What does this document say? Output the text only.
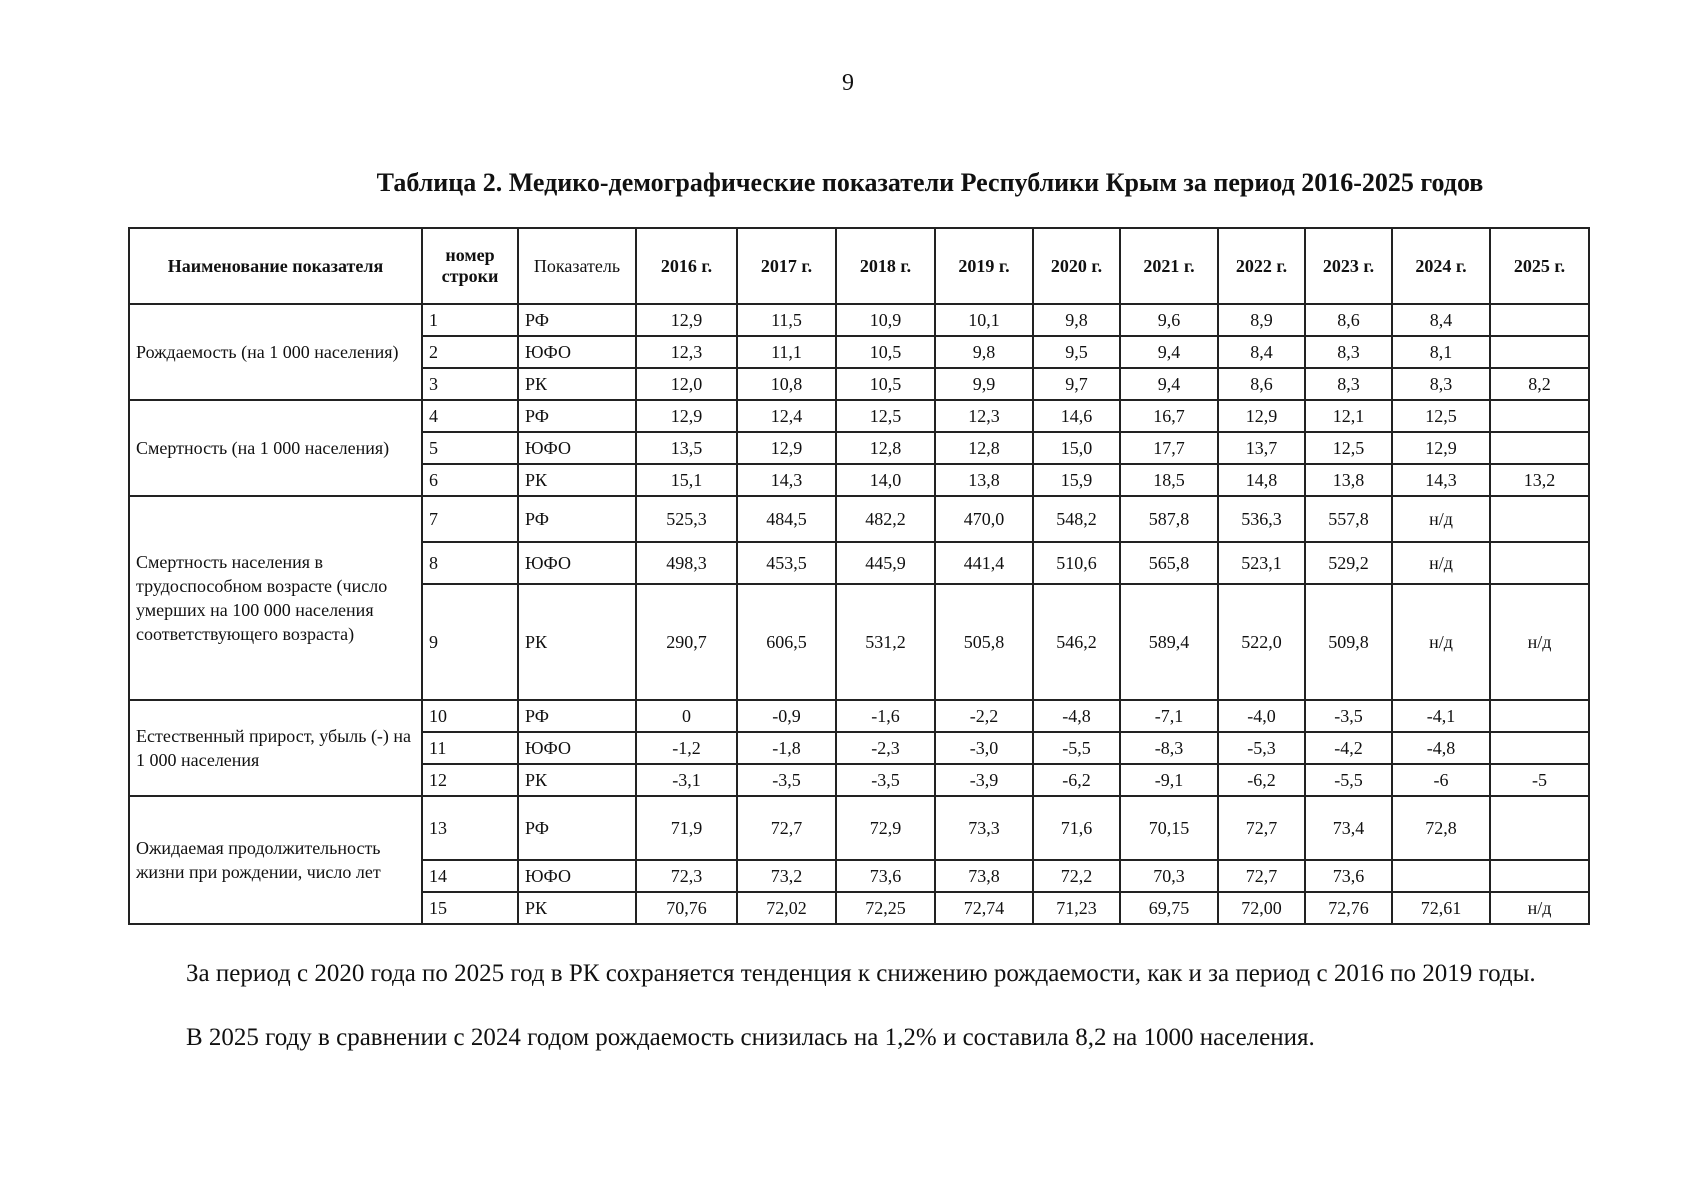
9
Таблица 2. Медико-демографические показатели Республики Крым за период 2016-2025 годов
Наименование показателя	номер строки	Показатель	2016 г.	2017 г.	2018 г.	2019 г.	2020 г.	2021 г.	2022 г.	2023 г.	2024 г.	2025 г.
Рождаемость (на 1 000 населения)	1	РФ	12,9	11,5	10,9	10,1	9,8	9,6	8,9	8,6	8,4	
	2	ЮФО	12,3	11,1	10,5	9,8	9,5	9,4	8,4	8,3	8,1	
	3	РК	12,0	10,8	10,5	9,9	9,7	9,4	8,6	8,3	8,3	8,2
Смертность (на 1 000 населения)	4	РФ	12,9	12,4	12,5	12,3	14,6	16,7	12,9	12,1	12,5	
	5	ЮФО	13,5	12,9	12,8	12,8	15,0	17,7	13,7	12,5	12,9	
	6	РК	15,1	14,3	14,0	13,8	15,9	18,5	14,8	13,8	14,3	13,2
Смертность населения в трудоспособном возрасте (число умерших на 100 000 населения соответствующего возраста)	7	РФ	525,3	484,5	482,2	470,0	548,2	587,8	536,3	557,8	н/д	
	8	ЮФО	498,3	453,5	445,9	441,4	510,6	565,8	523,1	529,2	н/д	
	9	РК	290,7	606,5	531,2	505,8	546,2	589,4	522,0	509,8	н/д	н/д
Естественный прирост, убыль (-) на 1 000 населения	10	РФ	0	-0,9	-1,6	-2,2	-4,8	-7,1	-4,0	-3,5	-4,1	
	11	ЮФО	-1,2	-1,8	-2,3	-3,0	-5,5	-8,3	-5,3	-4,2	-4,8	
	12	РК	-3,1	-3,5	-3,5	-3,9	-6,2	-9,1	-6,2	-5,5	-6	-5
Ожидаемая продолжительность жизни при рождении, число лет	13	РФ	71,9	72,7	72,9	73,3	71,6	70,15	72,7	73,4	72,8	
	14	ЮФО	72,3	73,2	73,6	73,8	72,2	70,3	72,7	73,6		
	15	РК	70,76	72,02	72,25	72,74	71,23	69,75	72,00	72,76	72,61	н/д
За период с 2020 года по 2025 год в РК сохраняется тенденция к снижению рождаемости, как и за период с 2016 по 2019 годы.
В 2025 году в сравнении с 2024 годом рождаемость снизилась на 1,2% и составила 8,2 на 1000 населения.
